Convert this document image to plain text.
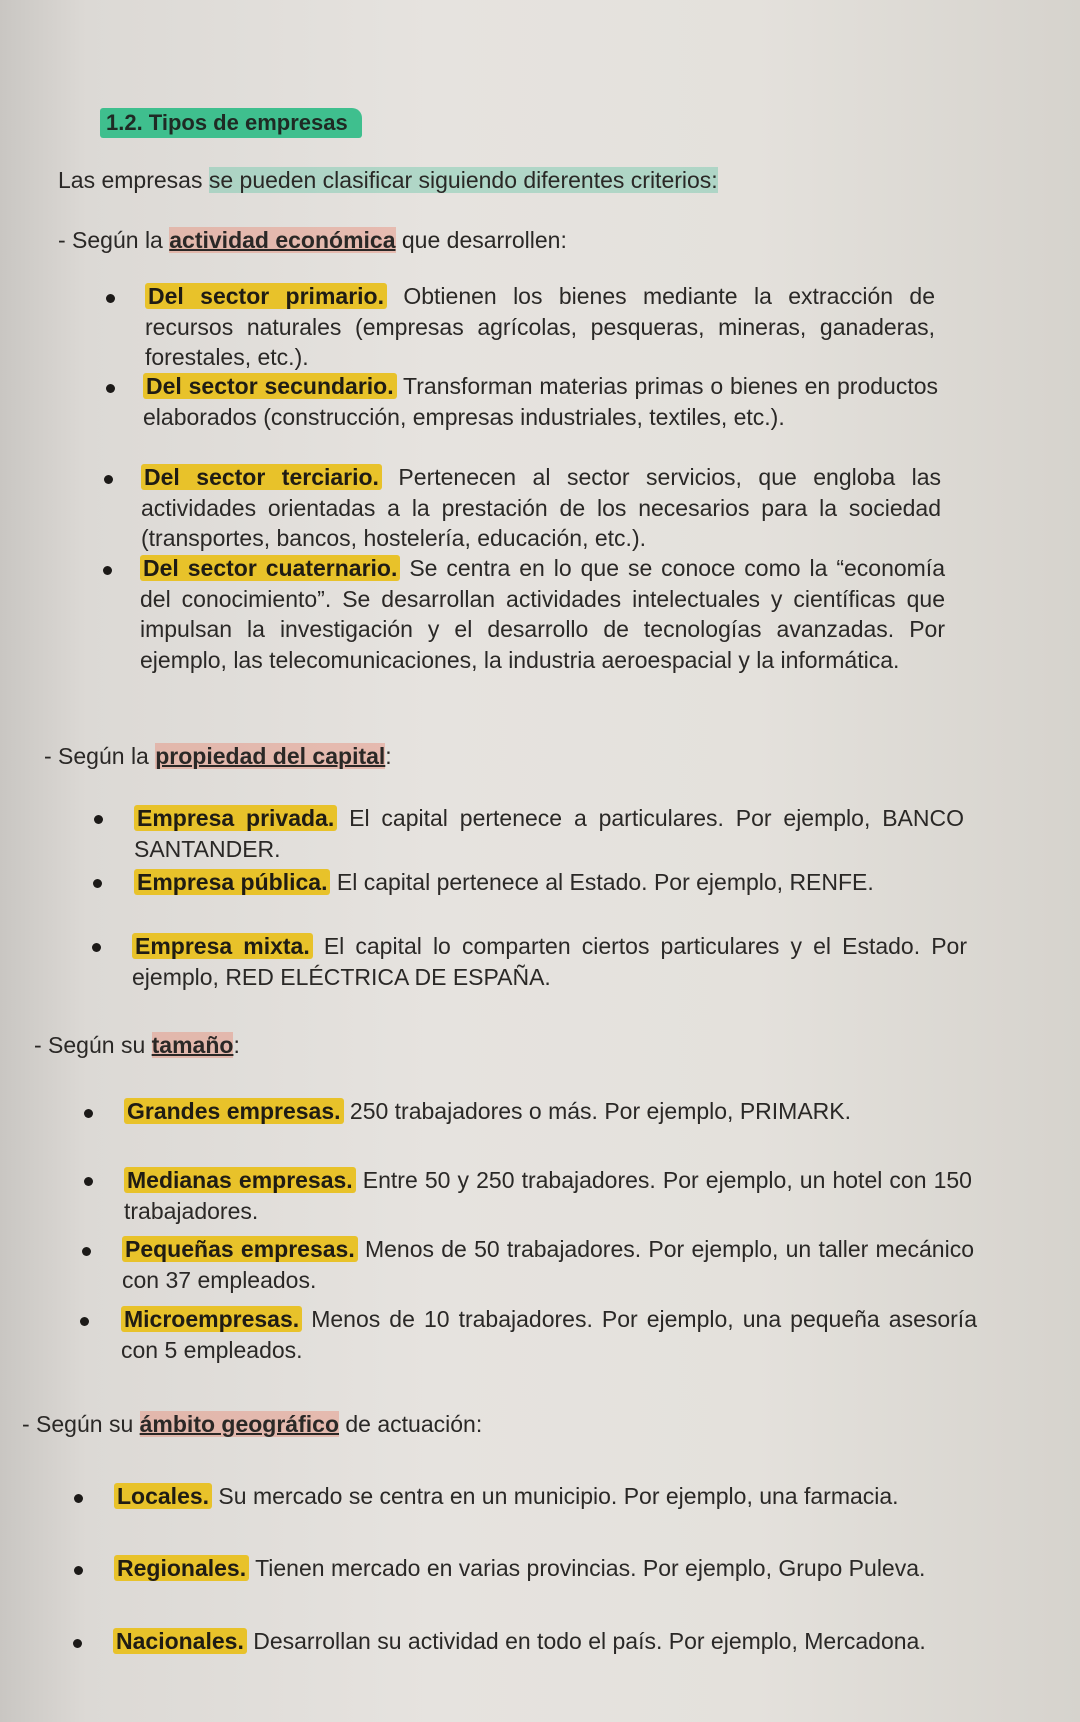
1.2. Tipos de empresas
Las empresas se pueden clasificar siguiendo diferentes criterios:
- Según la actividad económica que desarrollen:
Del sector primario. Obtienen los bienes mediante la extracción de recursos naturales (empresas agrícolas, pesqueras, mineras, ganaderas, forestales, etc.).
Del sector secundario. Transforman materias primas o bienes en productos elaborados (construcción, empresas industriales, textiles, etc.).
Del sector terciario. Pertenecen al sector servicios, que engloba las actividades orientadas a la prestación de los necesarios para la sociedad (transportes, bancos, hostelería, educación, etc.).
Del sector cuaternario. Se centra en lo que se conoce como la “economía del conocimiento”. Se desarrollan actividades intelectuales y científicas que impulsan la investigación y el desarrollo de tecnologías avanzadas. Por ejemplo, las telecomunicaciones, la industria aeroespacial y la informática.
- Según la propiedad del capital:
Empresa privada. El capital pertenece a particulares. Por ejemplo, BANCO SANTANDER.
Empresa pública. El capital pertenece al Estado. Por ejemplo, RENFE.
Empresa mixta. El capital lo comparten ciertos particulares y el Estado. Por ejemplo, RED ELÉCTRICA DE ESPAÑA.
- Según su tamaño:
Grandes empresas. 250 trabajadores o más. Por ejemplo, PRIMARK.
Medianas empresas. Entre 50 y 250 trabajadores. Por ejemplo, un hotel con 150 trabajadores.
Pequeñas empresas. Menos de 50 trabajadores. Por ejemplo, un taller mecánico con 37 empleados.
Microempresas. Menos de 10 trabajadores. Por ejemplo, una pequeña asesoría con 5 empleados.
- Según su ámbito geográfico de actuación:
Locales. Su mercado se centra en un municipio. Por ejemplo, una farmacia.
Regionales. Tienen mercado en varias provincias. Por ejemplo, Grupo Puleva.
Nacionales. Desarrollan su actividad en todo el país. Por ejemplo, Mercadona.
